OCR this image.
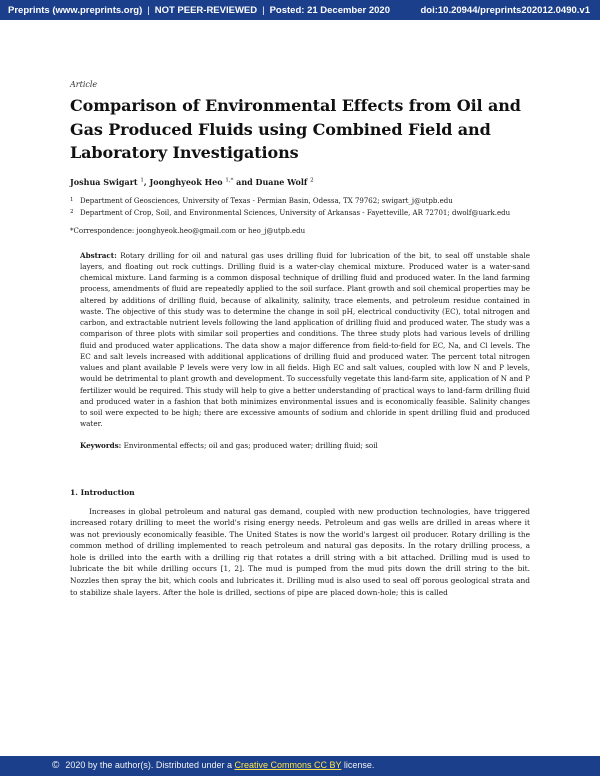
Preprints (www.preprints.org) | NOT PEER-REVIEWED | Posted: 21 December 2020	doi:10.20944/preprints202012.0490.v1
Article
Comparison of Environmental Effects from Oil and Gas Produced Fluids using Combined Field and Laboratory Investigations
Joshua Swigart $^1$, Joonghyeok Heo $^{1,*}$ and Duane Wolf $^2$
1 Department of Geosciences, University of Texas - Permian Basin, Odessa, TX 79762; swigart_j@utpb.edu
2 Department of Crop, Soil, and Environmental Sciences, University of Arkansas - Fayetteville, AR 72701; dwolf@uark.edu
*Correspondence: joonghyeok.heo@gmail.com or heo_j@utpb.edu
Abstract: Rotary drilling for oil and natural gas uses drilling fluid for lubrication of the bit, to seal off unstable shale layers, and floating out rock cuttings. Drilling fluid is a water-clay chemical mixture. Produced water is a water-sand chemical mixture. Land farming is a common disposal technique of drilling fluid and produced water. In the land farming process, amendments of fluid are repeatedly applied to the soil surface. Plant growth and soil chemical properties may be altered by additions of drilling fluid, because of alkalinity, salinity, trace elements, and petroleum residue contained in waste. The objective of this study was to determine the change in soil pH, electrical conductivity (EC), total nitrogen and carbon, and extractable nutrient levels following the land application of drilling fluid and produced water. The study was a comparison of three plots with similar soil properties and conditions. The three study plots had various levels of drilling fluid and produced water applications. The data show a major difference from field-to-field for EC, Na, and Cl levels. The EC and salt levels increased with additional applications of drilling fluid and produced water. The percent total nitrogen values and plant available P levels were very low in all fields. High EC and salt values, coupled with low N and P levels, would be detrimental to plant growth and development. To successfully vegetate this land-farm site, application of N and P fertilizer would be required. This study will help to give a better understanding of practical ways to land-farm drilling fluid and produced water in a fashion that both minimizes environmental issues and is economically feasible. Salinity changes to soil were expected to be high; there are excessive amounts of sodium and chloride in spent drilling fluid and produced water.
Keywords: Environmental effects; oil and gas; produced water; drilling fluid; soil
1. Introduction

Increases in global petroleum and natural gas demand, coupled with new production technologies, have triggered increased rotary drilling to meet the world's rising energy needs. Petroleum and gas wells are drilled in areas where it was not previously economically feasible. The United States is now the world's largest oil producer. Rotary drilling is the common method of drilling implemented to reach petroleum and natural gas deposits. In the rotary drilling process, a hole is drilled into the earth with a drilling rig that rotates a drill string with a bit attached. Drilling mud is used to lubricate the bit while drilling occurs [1, 2]. The mud is pumped from the mud pits down the drill string to the bit. Nozzles then spray the bit, which cools and lubricates it. Drilling mud is also used to seal off porous geological strata and to stabilize shale layers. After the hole is drilled, sections of pipe are placed down-hole; this is called

© 2020 by the author(s). Distributed under a Creative Commons CC BY license.
